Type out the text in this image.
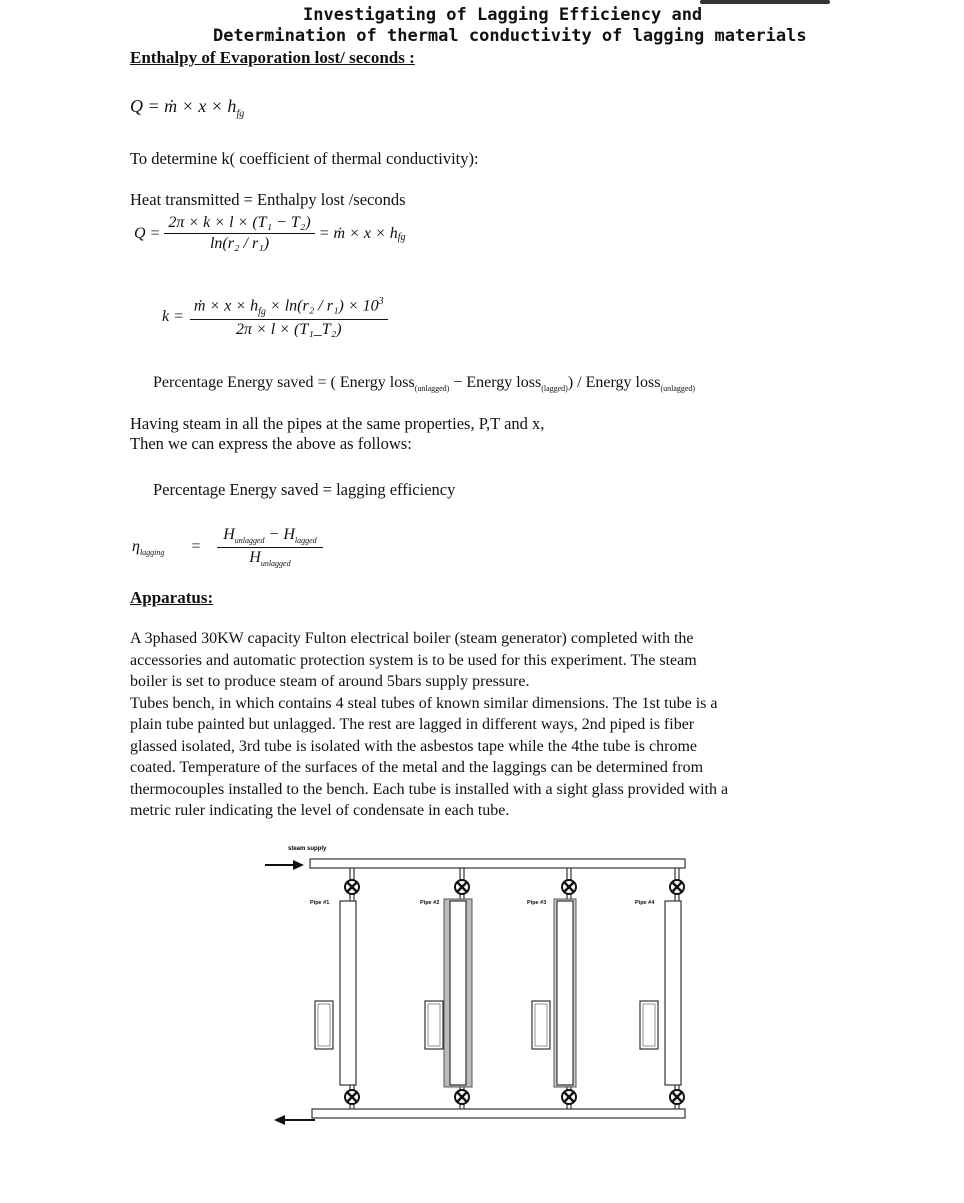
Investigating of Lagging Efficiency and
Determination of thermal conductivity of lagging materials
Enthalpy of Evaporation lost/ seconds :
Q = ṁ × $x \times h_{fg}$
To determine k( coefficient of thermal conductivity):
Heat transmitted = Enthalpy lost /seconds
$Q = \frac{\text{2π × k × l × (T₁ − T₂)}}{\text{ln(r₂ / r₁)}}$ = ṁ × $x \times h_{fg}$
$k = \frac{ṁ \times x \times h_{fg} \times \ln(r_2 / r_1) \times 10^3}{\text{2π × l × (T₁\_T₂)}}$
Percentage Energy saved = ( Energy loss$_{(unlagged)}$ − Energy loss$_{(lagged)}$) / Energy loss$_{(unlagged)}$
Having steam in all the pipes at the same properties, P,T and x,
Then we can express the above as follows:
Percentage Energy saved = lagging efficiency
$\eta_{lagging} = \frac{H_{unlagged} - H_{lagged}}{H_{unlagged}}$
Apparatus:
A 3phased 30KW capacity Fulton electrical boiler (steam generator) completed with the
accessories and automatic protection system is to be used for this experiment. The steam
boiler is set to produce steam of around 5bars supply pressure.
Tubes bench, in which contains 4 steal tubes of known similar dimensions. The 1st tube is a
plain tube painted but unlagged. The rest are lagged in different ways, 2nd piped is fiber
glassed isolated, 3rd tube is isolated with the asbestos tape while the 4the tube is chrome
coated. Temperature of the surfaces of the metal and the laggings can be determined from
thermocouples installed to the bench. Each tube is installed with a sight glass provided with a
metric ruler indicating the level of condensate in each tube.
steam supply
Pipe #1	Pipe #2	Pipe #3	Pipe #4
